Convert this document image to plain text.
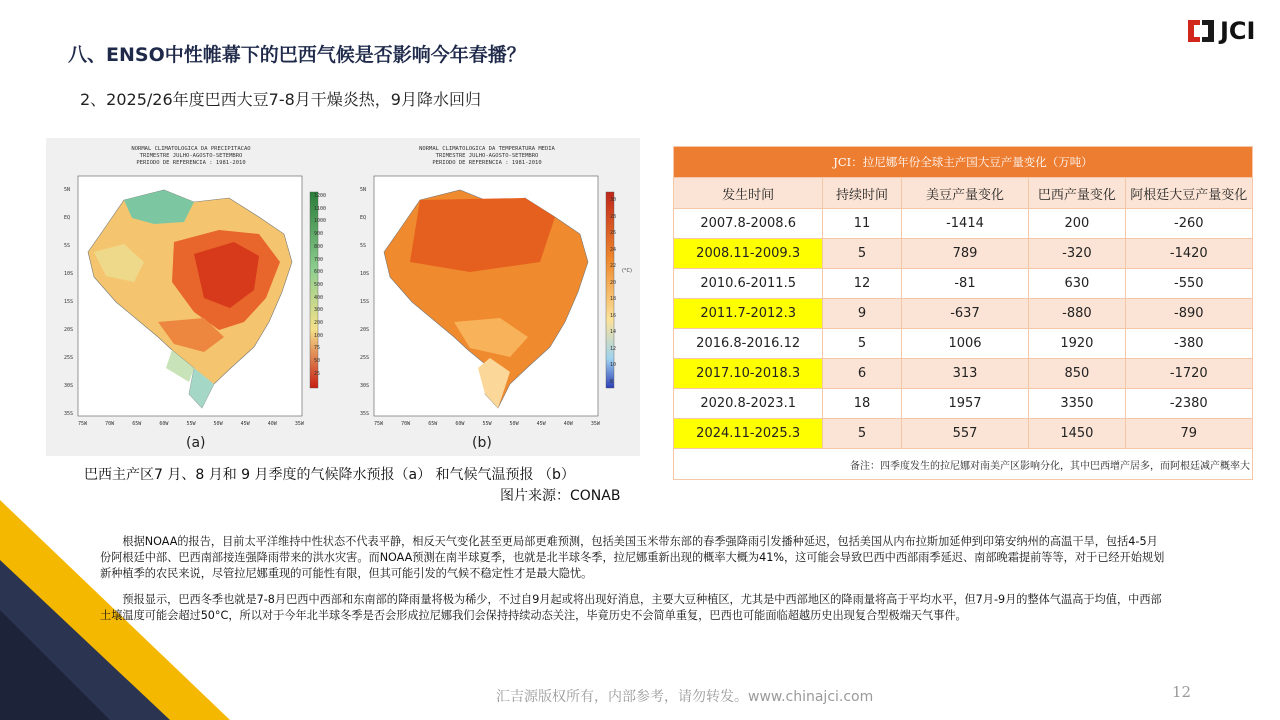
八、ENSO中性帷幕下的巴西气候是否影响今年春播？
2、2025/26年度巴西大豆7-8月干燥炎热，9月降水回归
JCI
NORMAL CLIMATOLOGICA DA PRECIPITACAO
TRIMESTRE JULHO-AGOSTO-SETEMBRO
PERIODO DE REFERENCIA : 1981-2010
1200
1100
1000
900
800
700
600
500
400
300
200
100
75
50
25
5N
EQ
5S
10S
15S
20S
25S
30S
35S
75W	70W	65W	60W	55W	50W	45W	40W	35W
(a)
NORMAL CLIMATOLOGICA DA TEMPERATURA MEDIA
TRIMESTRE JULHO-AGOSTO-SETEMBRO
PERIODO DE REFERENCIA : 1981-2010
30
28
26
24
22
20
18
16
14
12
10
8
(°C)
5N
EQ
5S
10S
15S
20S
25S
30S
35S
75W	70W	65W	60W	55W	50W	45W	40W	35W
(b)
巴西主产区7 月、8 月和 9 月季度的气候降水预报（a） 和气候气温预报 （b）
图片来源：CONAB
JCI：拉尼娜年份全球主产国大豆产量变化（万吨）				
发生时间	持续时间	美豆产量变化	巴西产量变化	阿根廷大豆产量变化
2007.8-2008.6	11	-1414	200	-260
2008.11-2009.3	5	789	-320	-1420
2010.6-2011.5	12	-81	630	-550
2011.7-2012.3	9	-637	-880	-890
2016.8-2016.12	5	1006	1920	-380
2017.10-2018.3	6	313	850	-1720
2020.8-2023.1	18	1957	3350	-2380
2024.11-2025.3	5	557	1450	79
备注：四季度发生的拉尼娜对南美产区影响分化，其中巴西增产居多，而阿根廷减产概率大				

根据NOAA的报告，目前太平洋维持中性状态不代表平静，相反天气变化甚至更局部更难预测，包括美国玉米带东部的春季强降雨引发播种延迟，包括美国从内布拉斯加延伸到印第安纳州的高温干旱，包括4-5月份阿根廷中部、巴西南部接连强降雨带来的洪水灾害。而NOAA预测在南半球夏季，也就是北半球冬季，拉尼娜重新出现的概率大概为41%，这可能会导致巴西中西部雨季延迟、南部晚霜提前等等，对于已经开始规划新种植季的农民来说，尽管拉尼娜重现的可能性有限，但其可能引发的气候不稳定性才是最大隐忧。

预报显示，巴西冬季也就是7-8月巴西中西部和东南部的降雨量将极为稀少，不过自9月起或将出现好消息，主要大豆种植区，尤其是中西部地区的降雨量将高于平均水平，但7月-9月的整体气温高于均值，中西部土壤温度可能会超过50°C，所以对于今年北半球冬季是否会形成拉尼娜我们会保持持续动态关注，毕竟历史不会简单重复，巴西也可能面临超越历史出现复合型极端天气事件。

汇吉源版权所有，内部参考，请勿转发。www.chinajci.com	12
